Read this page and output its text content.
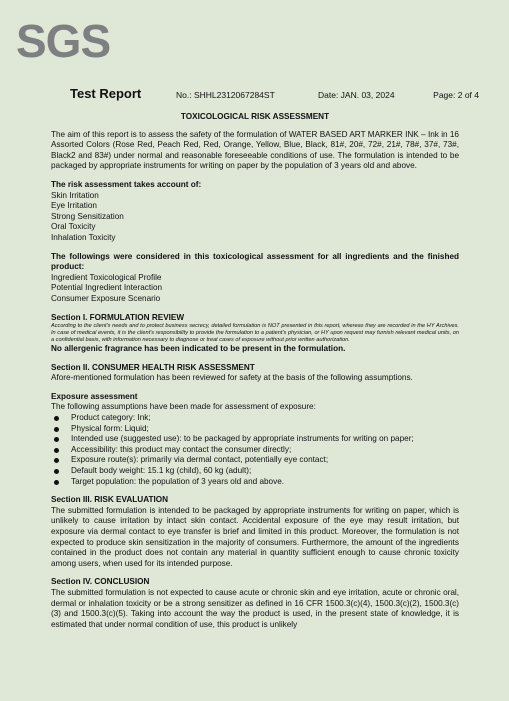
SGS
Test Report	No.: SHHL2312067284ST	Date: JAN. 03, 2024	Page: 2 of 4
TOXICOLOGICAL RISK ASSESSMENT

The aim of this report is to assess the safety of the formulation of WATER BASED ART MARKER INK – Ink in 16 Assorted Colors (Rose Red, Peach Red, Red, Orange, Yellow, Blue, Black, 81#, 20#, 72#, 21#, 78#, 37#, 73#, Black2 and 83#) under normal and reasonable foreseeable conditions of use. The formulation is intended to be packaged by appropriate instruments for writing on paper by the population of 3 years old and above.

The risk assessment takes account of:
Skin Irritation
Eye Irritation
Strong Sensitization
Oral Toxicity
Inhalation Toxicity

The followings were considered in this toxicological assessment for all ingredients and the finished product:

Ingredient Toxicological Profile
Potential Ingredient Interaction
Consumer Exposure Scenario
Section I. FORMULATION REVIEW

According to the client's needs and to protect business secrecy, detailed formulation is NOT presented in this report, whereas they are recorded in the HY Archives. In case of medical events, it is the client's responsibility to provide the formulation to a patient's physician, or HY upon request may furnish relevant medical units, on a confidential basis, with information necessary to diagnose or treat cases of exposure without prior written authorization.

No allergenic fragrance has been indicated to be present in the formulation.
Section II. CONSUMER HEALTH RISK ASSESSMENT

Afore-mentioned formulation has been reviewed for safety at the basis of the following assumptions.

Exposure assessment
The following assumptions have been made for assessment of exposure:
Product category: Ink;
Physical form: Liquid;
Intended use (suggested use): to be packaged by appropriate instruments for writing on paper;
Accessibility: this product may contact the consumer directly;
Exposure route(s): primarily via dermal contact, potentially eye contact;
Default body weight: 15.1 kg (child), 60 kg (adult);
Target population: the population of 3 years old and above.
Section III. RISK EVALUATION

The submitted formulation is intended to be packaged by appropriate instruments for writing on paper, which is unlikely to cause irritation by intact skin contact. Accidental exposure of the eye may result irritation, but exposure via dermal contact to eye transfer is brief and limited in this product. Moreover, the formulation is not expected to produce skin sensitization in the majority of consumers. Furthermore, the amount of the ingredients contained in the product does not contain any material in quantity sufficient enough to cause chronic toxicity among users, when used for its intended purpose.

Section IV. CONCLUSION

The submitted formulation is not expected to cause acute or chronic skin and eye irritation, acute or chronic oral, dermal or inhalation toxicity or be a strong sensitizer as defined in 16 CFR 1500.3(c)(4), 1500.3(c)(2), 1500.3(c)(3) and 1500.3(c)(5). Taking into account the way the product is used, in the present state of knowledge, it is estimated that under normal condition of use, this product is unlikely
